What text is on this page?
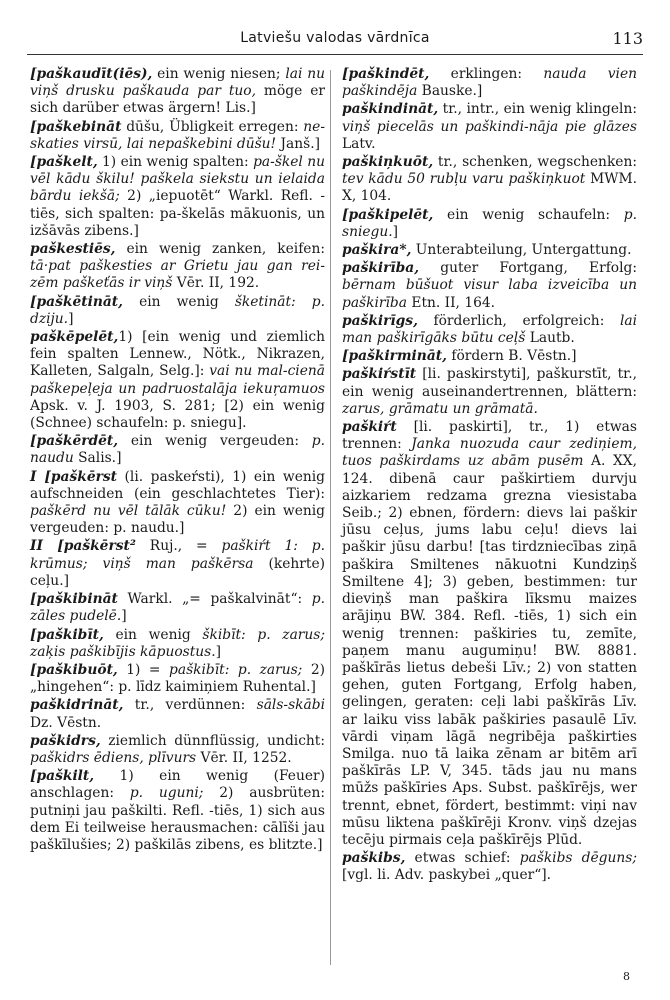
Latviešu valodas vārdnīca	113
[paškaudīt(iēs), ein wenig niesen; lai nu viņš drusku paškauda par tuo, möge er sich darüber etwas ärgern! Lis.]
[paškebināt dūšu, Übligkeit erregen: ne-skaties virsū, lai nepaškebini dūšu! Janš.]
[paškelt, 1) ein wenig spalten: pa-škel nu vēl kādu škilu! paškela siekstu un ielaida bārdu iekšā; 2) „iepuotēt“ Warkl. Refl. -tiēs, sich spalten: pa-škelās mākuonis, un izšāvās zibens.]
paškestiēs, ein wenig zanken, keifen: tā·pat paškesties ar Grietu jau gan rei-zēm paškeťās ir viņš Vēr. II, 192.
[paškētināt, ein wenig šketināt: p. dziju.]
paškēpelēt,1) [ein wenig und ziemlich fein spalten Lennew., Nötk., Nikrazen, Kalleten, Salgaln, Selg.]: vai nu mal-cienā paškepeļeja un padruostalāja iekuŗamuos Apsk. v. J. 1903, S. 281; [2) ein wenig (Schnee) schaufeln: p. sniegu].
[paškērdēt, ein wenig vergeuden: p. naudu Salis.]
I [paškērst (li. paskeŕsti), 1) ein wenig aufschneiden (ein geschlachtetes Tier): paškērd nu vēl tālāk cūku! 2) ein wenig vergeuden: p. naudu.]
II [paškērst² Ruj., = paškiŕt 1: p. krūmus; viņš man paškērsa (kehrte) ceļu.]
[paškibināt Warkl. „= paškalvināt“: p. zāles pudelē.]
[paškibīt, ein wenig škibīt: p. zarus; zaķis paškibījis kāpuostus.]
[paškibuōt, 1) = paškibīt: p. zarus; 2) „hingehen“: p. līdz kaimiņiem Ruhental.]
paškidrināt, tr., verdünnen: sāls-skābi Dz. Vēstn.
paškidrs, ziemlich dünnflüssig, undicht: paškidrs ēdiens, plīvurs Vēr. II, 1252.
[paškilt, 1) ein wenig (Feuer) anschlagen: p. uguni; 2) ausbrüten: putniņi jau paškilti. Refl. -tiēs, 1) sich aus dem Ei teilweise herausmachen: cālīši jau paškīlušies; 2) paškilās zibens, es blitzte.]
[paškindēt, erklingen: nauda vien paškindēja Bauske.]
paškindināt, tr., intr., ein wenig klingeln: viņš piecelās un paškindi-nāja pie glāzes Latv.
paškiņkuōt, tr., schenken, wegschenken: tev kādu 50 rubļu varu paškiņkuot MWM. X, 104.
[paškipelēt, ein wenig schaufeln: p. sniegu.]
paškira*, Unterabteilung, Untergattung.
paškirība, guter Fortgang, Erfolg: bērnam būšuot visur laba izveicība un paškirība Etn. II, 164.
paškirīgs, förderlich, erfolgreich: lai man paškirīgāks būtu ceļš Lautb.
[paškirmināt, fördern B. Vēstn.]
paškiŕstīt [li. paskirstyti], paškurstīt, tr., ein wenig auseinandertrennen, blättern: zarus, grāmatu un grāmatā.
paškiŕt [li. paskirti], tr., 1) etwas trennen: Janka nuozuda caur zediņiem, tuos paškirdams uz abām pusēm A. XX, 124. dibenā caur paškirtiem durvju aizkariem redzama grezna viesistaba Seib.; 2) ebnen, fördern: dievs lai paškir jūsu ceļus, jums labu ceļu! dievs lai paškir jūsu darbu! [tas tirdzniecības ziņā paškira Smiltenes nākuotni Kundziņš Smiltene 4]; 3) geben, bestimmen: tur dieviņš man paškira līksmu maizes arājiņu BW. 384. Refl. -tiēs, 1) sich ein wenig trennen: paškiries tu, zemīte, paņem manu augumiņu! BW. 8881. paškīrās lietus debeši Līv.; 2) von statten gehen, guten Fortgang, Erfolg haben, gelingen, geraten: ceļi labi paškīrās Līv. ar laiku viss labāk paškiries pasaulē Līv. vārdi viņam lāgā negribēja paškirties Smilga. nuo tā laika zēnam ar bitēm arī paškīrās LP. V, 345. tāds jau nu mans mūžs paškīries Aps. Subst. paškīrējs, wer trennt, ebnet, fördert, bestimmt: viņi nav mūsu liktena paškīrēji Kronv. viņš dzejas tecēju pirmais ceļa paškīrējs Plūd.
paškibs, etwas schief: paškibs dēguns; [vgl. li. Adv. paskybei „quer“].
8
